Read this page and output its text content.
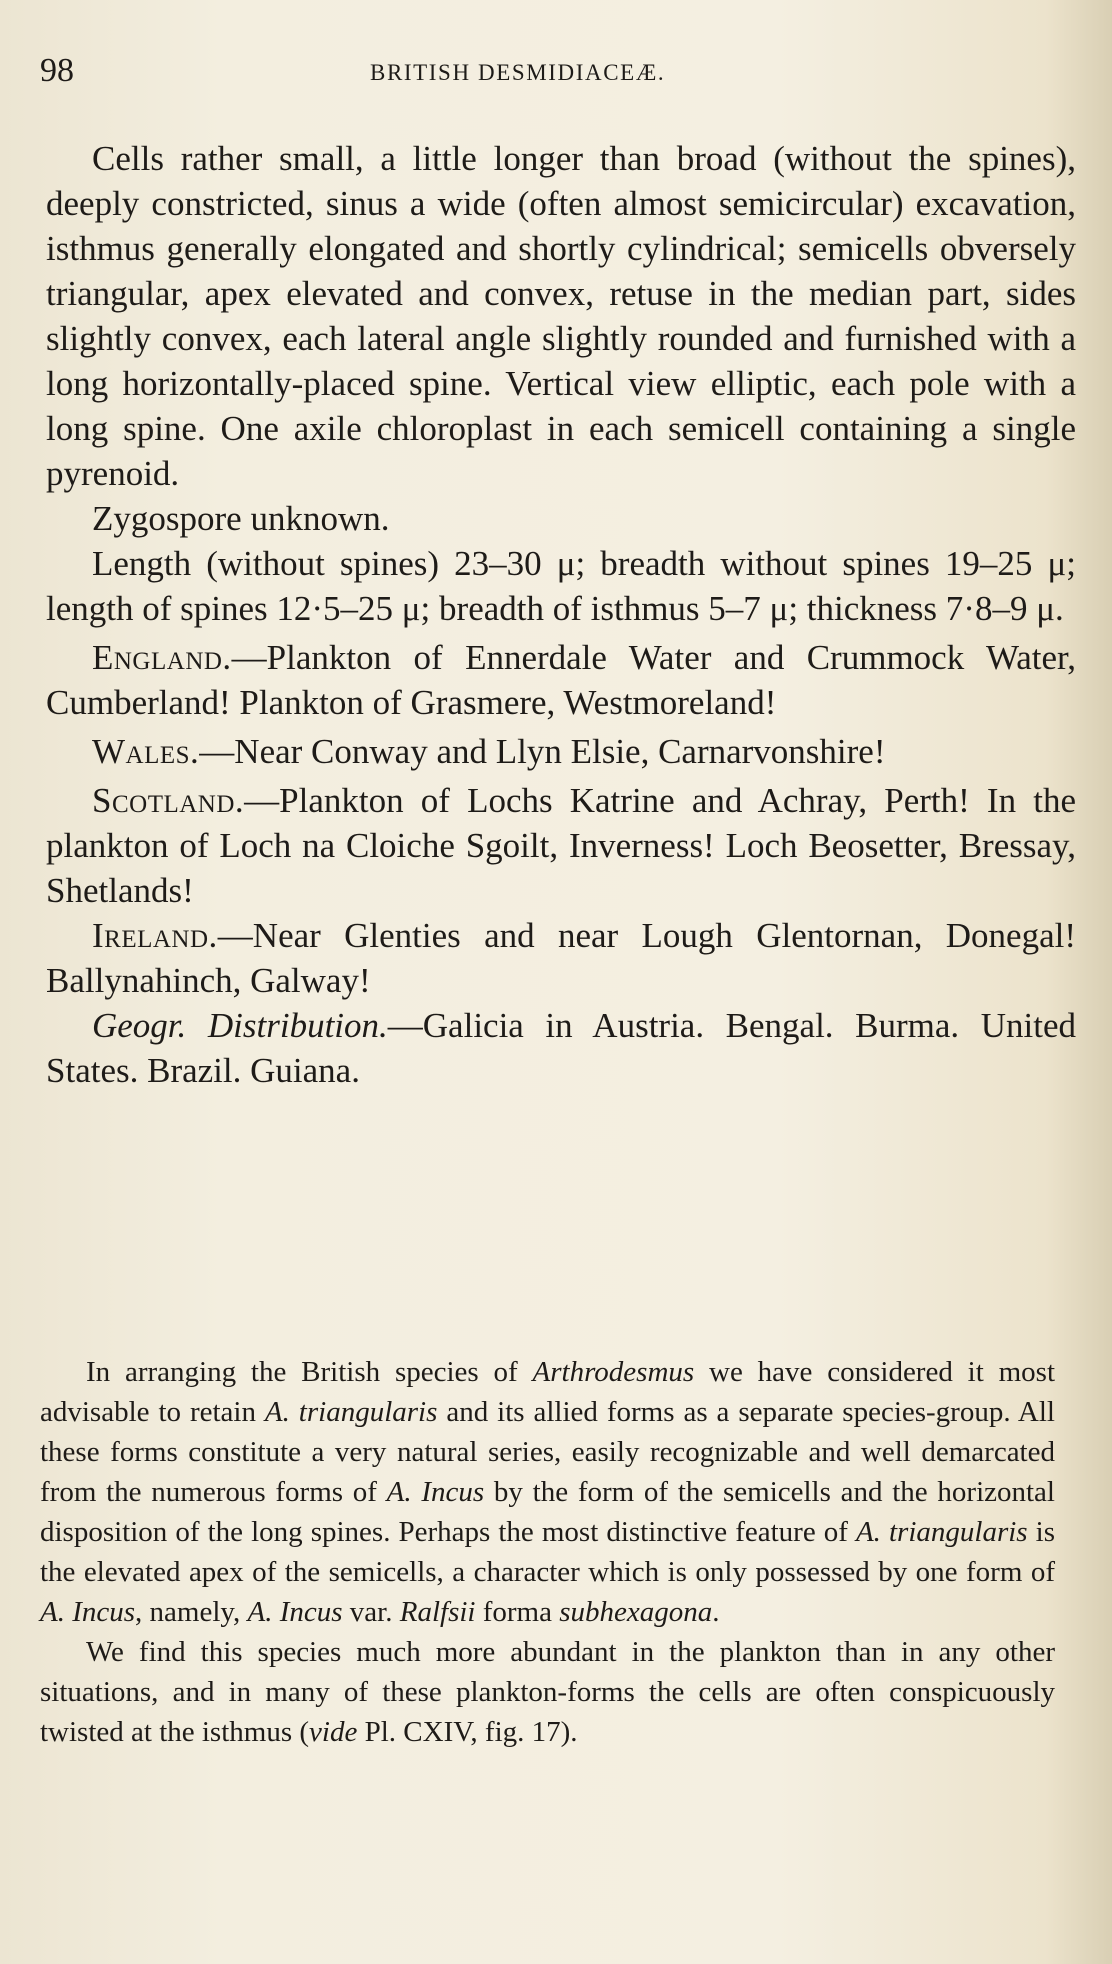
98	BRITISH DESMIDIACEÆ.

Cells rather small, a little longer than broad (without the spines), deeply constricted, sinus a wide (often almost semicircular) excavation, isthmus generally elongated and shortly cylindrical; semicells obversely triangular, apex elevated and convex, retuse in the median part, sides slightly convex, each lateral angle slightly rounded and furnished with a long horizontally-placed spine. Vertical view elliptic, each pole with a long spine. One axile chloroplast in each semicell containing a single pyrenoid.

Zygospore unknown.

Length (without spines) 23–30 μ; breadth without spines 19–25 μ; length of spines 12·5–25 μ; breadth of isthmus 5–7 μ; thickness 7·8–9 μ.

England.—Plankton of Ennerdale Water and Crummock Water, Cumberland! Plankton of Grasmere, Westmoreland!

Wales.—Near Conway and Llyn Elsie, Carnarvonshire!

Scotland.—Plankton of Lochs Katrine and Achray, Perth! In the plankton of Loch na Cloiche Sgoilt, Inverness! Loch Beosetter, Bressay, Shetlands!

Ireland.—Near Glenties and near Lough Glentornan, Donegal! Ballynahinch, Galway!

Geogr. Distribution.—Galicia in Austria. Bengal. Burma. United States. Brazil. Guiana.

In arranging the British species of Arthrodesmus we have considered it most advisable to retain A. triangularis and its allied forms as a separate species-group. All these forms constitute a very natural series, easily recognizable and well demarcated from the numerous forms of A. Incus by the form of the semicells and the horizontal disposition of the long spines. Perhaps the most distinctive feature of A. triangularis is the elevated apex of the semicells, a character which is only possessed by one form of A. Incus, namely, A. Incus var. Ralfsii forma subhexagona.

We find this species much more abundant in the plankton than in any other situations, and in many of these plankton-forms the cells are often conspicuously twisted at the isthmus (vide Pl. CXIV, fig. 17).
